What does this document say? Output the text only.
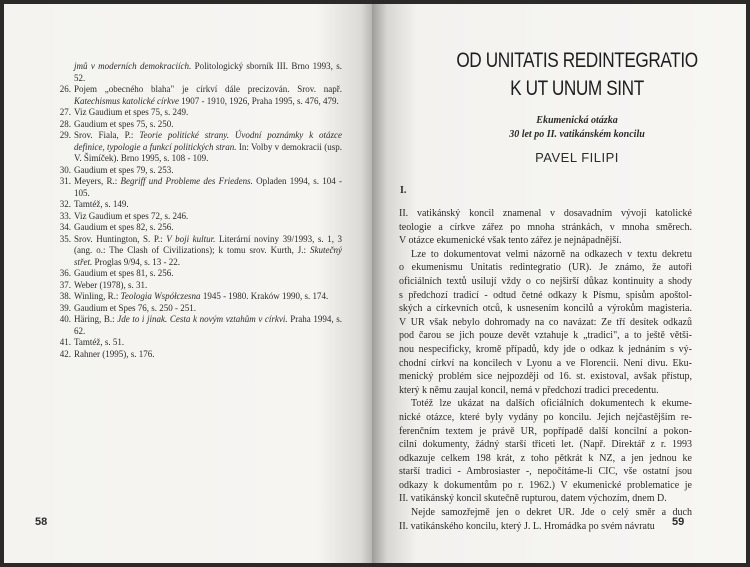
jmů v moderních demokraciích. Politologický sborník III. Brno 1993, s. 52.
26. Pojem „obecného blaha" je církví dále precizován. Srov. např. Katechismus katolické církve 1907 - 1910, 1926, Praha 1995, s. 476, 479.
27. Viz Gaudium et spes 75, s. 249.
28. Gaudium et spes 75, s. 250.
29. Srov. Fiala, P.: Teorie politické strany. Úvodní poznámky k otázce definice, typologie a funkcí politických stran. In: Volby v demokracii (usp. V. Šimíček). Brno 1995, s. 108 - 109.
30. Gaudium et spes 79, s. 253.
31. Meyers, R.: Begriff und Probleme des Friedens. Opladen 1994, s. 104 - 105.
32. Tamtéž, s. 149.
33. Viz Gaudium et spes 72, s. 246.
34. Gaudium et spes 82, s. 256.
35. Srov. Huntington, S. P.: V boji kultur. Literární noviny 39/1993, s. 1, 3 (ang. o.: The Clash of Civilizations); k tomu srov. Kurth, J.: Skutečný střet. Proglas 9/94, s. 13 - 22.
36. Gaudium et spes 81, s. 256.
37. Weber (1978), s. 31.
38. Winling, R.: Teologia Współczesna 1945 - 1980. Kraków 1990, s. 174.
39. Gaudium et Spes 76, s. 250 - 251.
40. Häring, B.: Jde to i jinak. Cesta k novým vztahům v církvi. Praha 1994, s. 62.
41. Tamtéž, s. 51.
42. Rahner (1995), s. 176.
58
OD UNITATIS REDINTEGRATIO
K UT UNUM SINT
Ekumenická otázka
30 let po II. vatikánském koncilu
PAVEL FILIPI
I.
II. vatikánský koncil znamenal v dosavadním vývoji katolické
teologie a církve zářez po mnoha stránkách, v mnoha směrech.
V otázce ekumenické však tento zářez je nejnápadnější.
Lze to dokumentovat velmi názorně na odkazech v textu dekretu
o ekumenismu Unitatis redintegratio (UR). Je známo, že autoři
oficiálních textů usilují vždy o co nejširší důkaz kontinuity a shody
s předchozí tradicí - odtud četné odkazy k Písmu, spisům apoštol-
ských a církevních otců, k usnesením koncilů a výrokům magisteria.
V UR však nebylo dohromady na co navázat: Ze tří desítek odkazů
pod čarou se jich pouze devět vztahuje k „tradici", a to ještě větši-
nou nespecificky, kromě případů, kdy jde o odkaz k jednáním s vý-
chodní církví na koncilech v Lyonu a ve Florencii. Není divu. Eku-
menický problém sice nejpozději od 16. st. existoval, avšak přístup,
který k němu zaujal koncil, nemá v předchozí tradici precedentu.
Totéž lze ukázat na dalších oficiálních dokumentech k ekume-
nické otázce, které byly vydány po koncilu. Jejich nejčastějším re-
ferenčním textem je právě UR, popřípadě další koncilní a pokon-
cilní dokumenty, žádný starší třiceti let. (Např. Direktář z r. 1993
odkazuje celkem 198 krát, z toho pětkrát k NZ, a jen jednou ke
starší tradici - Ambrosiaster -, nepočítáme-li CIC, vše ostatní jsou
odkazy k dokumentům po r. 1962.) V ekumenické problematice je
II. vatikánský koncil skutečně rupturou, datem výchozím, dnem D.
Nejde samozřejmě jen o dekret UR. Jde o celý směr a duch
II. vatikánského koncilu, který J. L. Hromádka po svém návratu	59
